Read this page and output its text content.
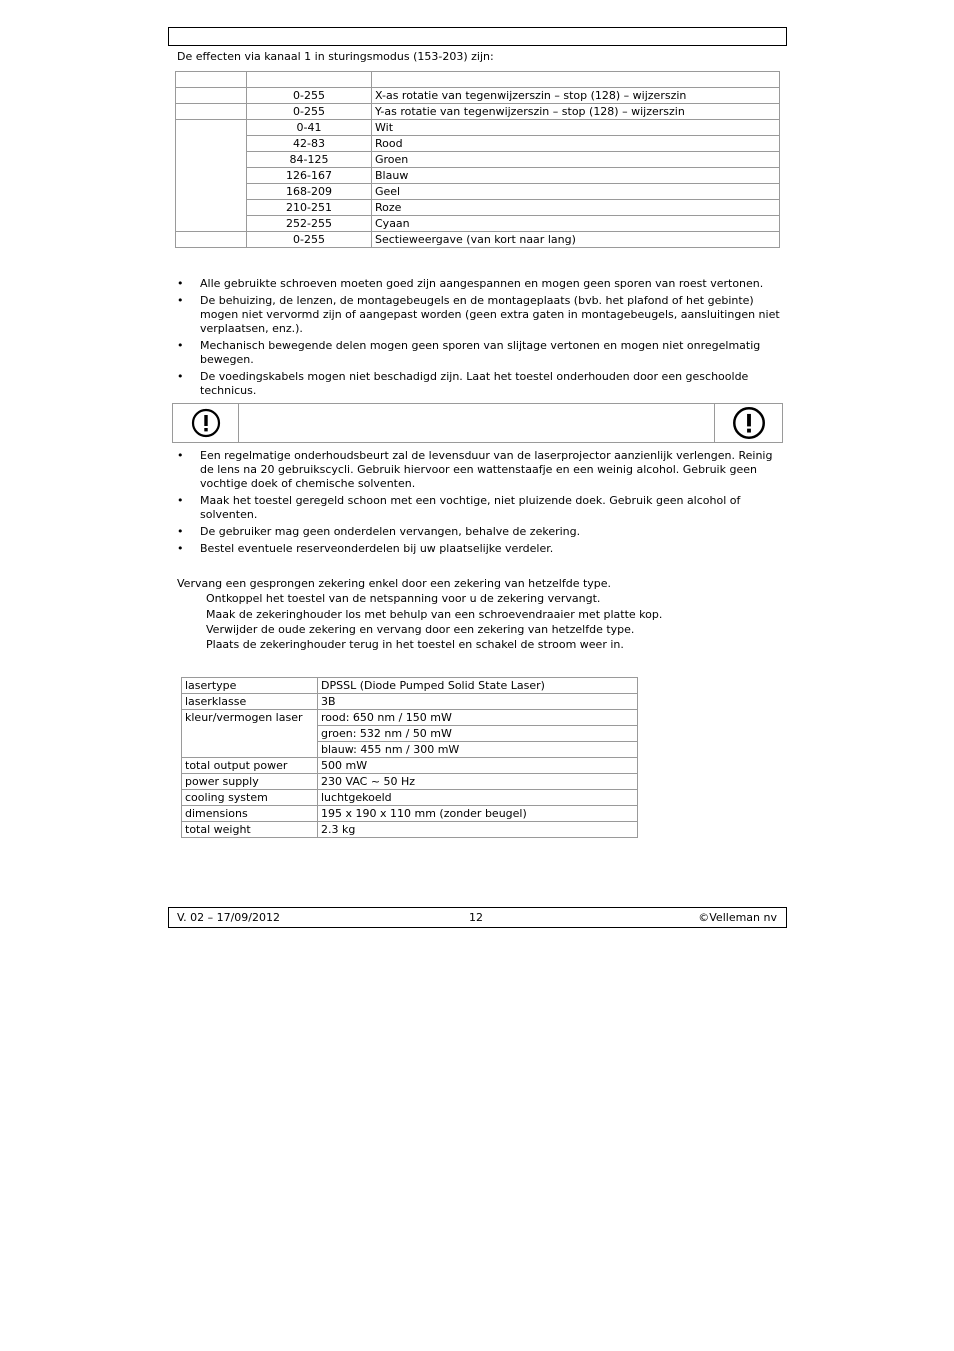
De effecten via kanaal 1 in sturingsmodus (153-203) zijn:

	0-255	X-as rotatie van tegenwijzerszin – stop (128) – wijzerszin
	0-255	Y-as rotatie van tegenwijzerszin – stop (128) – wijzerszin
	0-41	Wit
	42-83	Rood
	84-125	Groen
	126-167	Blauw
	168-209	Geel
	210-251	Roze
	252-255	Cyaan
	0-255	Sectieweergave (van kort naar lang)
• Alle gebruikte schroeven moeten goed zijn aangespannen en mogen geen sporen van roest vertonen.
• De behuizing, de lenzen, de montagebeugels en de montageplaats (bvb. het plafond of het gebinte) mogen niet vervormd zijn of aangepast worden (geen extra gaten in montagebeugels, aansluitingen niet verplaatsen, enz.).
• Mechanisch bewegende delen mogen geen sporen van slijtage vertonen en mogen niet onregelmatig bewegen.
• De voedingskabels mogen niet beschadigd zijn. Laat het toestel onderhouden door een geschoolde technicus.
• Een regelmatige onderhoudsbeurt zal de levensduur van de laserprojector aanzienlijk verlengen. Reinig de lens na 20 gebruikscycli. Gebruik hiervoor een wattenstaafje en een weinig alcohol. Gebruik geen vochtige doek of chemische solventen.
• Maak het toestel geregeld schoon met een vochtige, niet pluizende doek. Gebruik geen alcohol of solventen.
• De gebruiker mag geen onderdelen vervangen, behalve de zekering.
• Bestel eventuele reserveonderdelen bij uw plaatselijke verdeler.
Vervang een gesprongen zekering enkel door een zekering van hetzelfde type.
Ontkoppel het toestel van de netspanning voor u de zekering vervangt.
Maak de zekeringhouder los met behulp van een schroevendraaier met platte kop.
Verwijder de oude zekering en vervang door een zekering van hetzelfde type.
Plaats de zekeringhouder terug in het toestel en schakel de stroom weer in.
lasertype	DPSSL (Diode Pumped Solid State Laser)
laserklasse	3B
kleur/vermogen laser	rood: 650 nm / 150 mW
	groen: 532 nm / 50 mW
	blauw: 455 nm / 300 mW
total output power	500 mW
power supply	230 VAC ~ 50 Hz
cooling system	luchtgekoeld
dimensions	195 x 190 x 110 mm (zonder beugel)
total weight	2.3 kg
V. 02 – 17/09/2012	12	©Velleman nv
